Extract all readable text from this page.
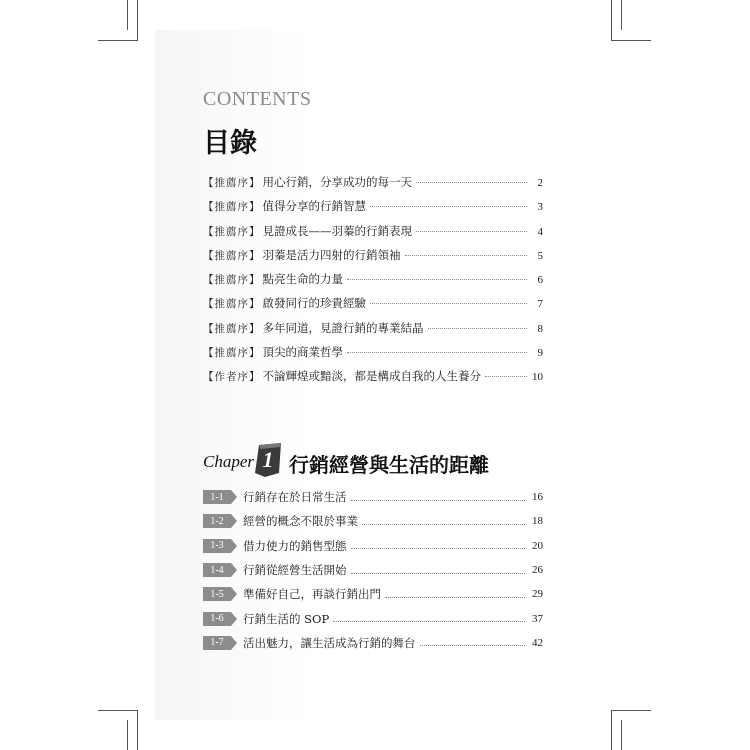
CONTENTS
目錄
【推薦序】 用心行銷，分享成功的每一天	2
【推薦序】 值得分享的行銷智慧	3
【推薦序】 見證成長——羽蓁的行銷表現	4
【推薦序】 羽蓁是活力四射的行銷領袖	5
【推薦序】 點亮生命的力量	6
【推薦序】 啟發同行的珍貴經驗	7
【推薦序】 多年同道，見證行銷的專業結晶	8
【推薦序】 頂尖的商業哲學	9
【作者序】 不論輝煌或黯淡，都是構成自我的人生養分	10
Chaper 1 行銷經營與生活的距離
1-1	行銷存在於日常生活	16
1-2	經營的概念不限於事業	18
1-3	借力使力的銷售型態	20
1-4	行銷從經營生活開始	26
1-5	準備好自己，再談行銷出門	29
1-6	行銷生活的 SOP	37
1-7	活出魅力，讓生活成為行銷的舞台	42
